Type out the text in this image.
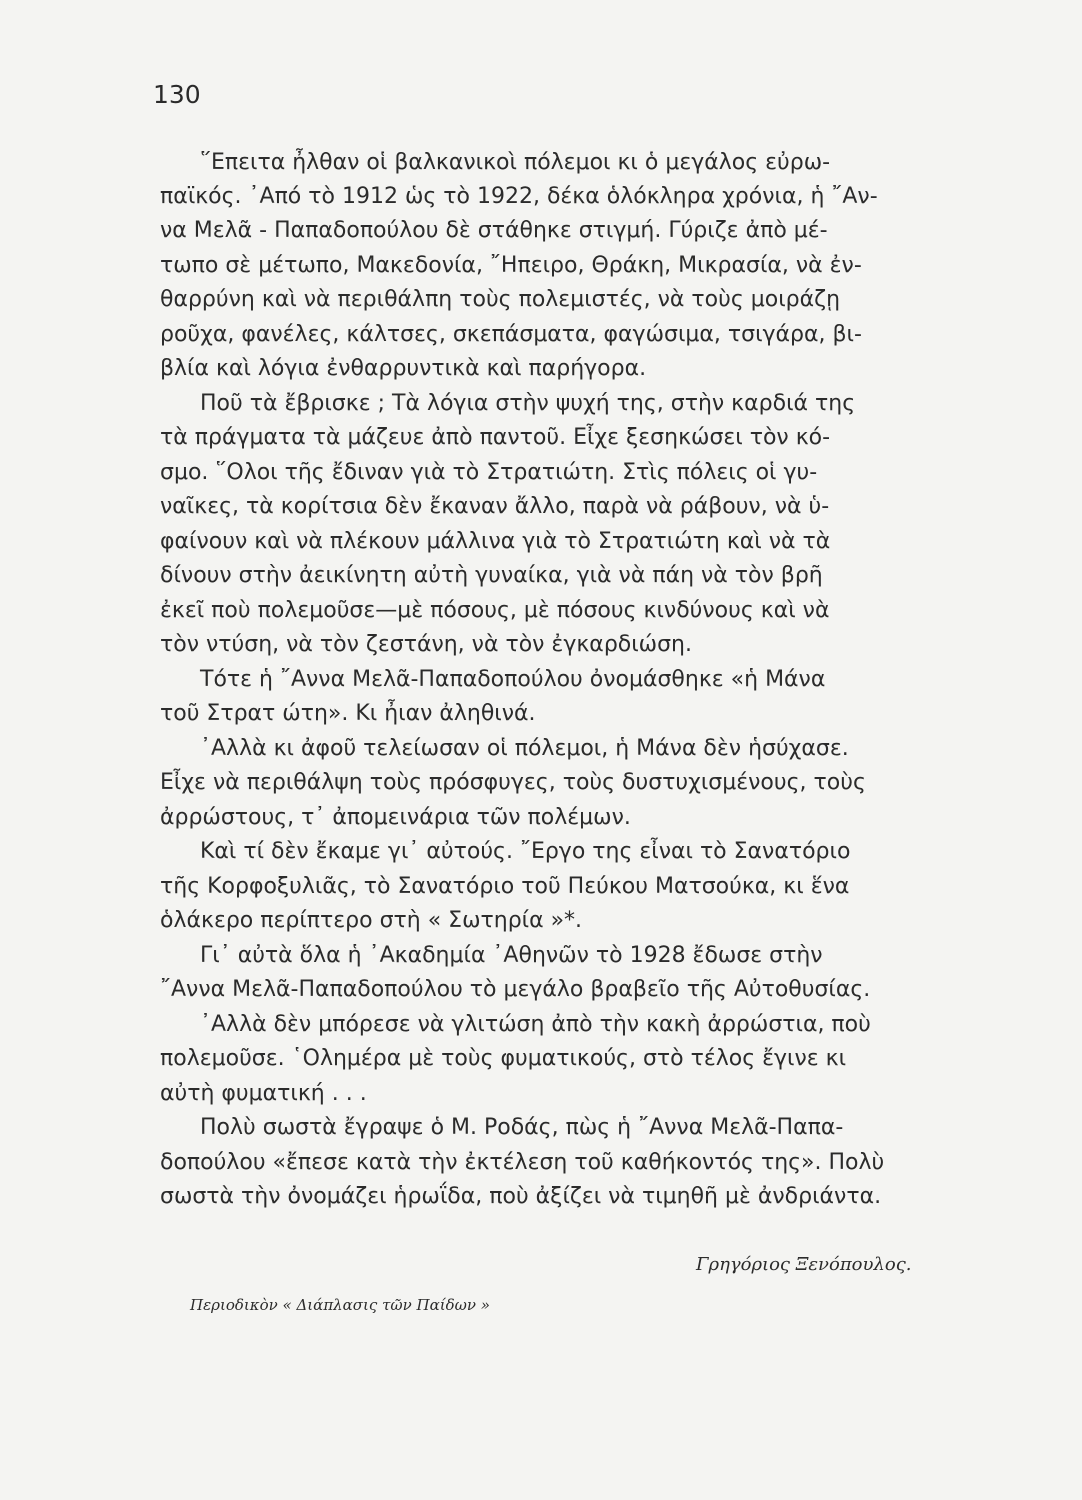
130
῞Επειτα ἦλθαν οἱ βαλκανικοὶ πόλεμοι κι ὁ μεγάλος εὐρω-
παϊκός. ᾿Από τὸ 1912 ὡς τὸ 1922, δέκα ὁλόκληρα χρόνια, ἡ ῎Αν-
να Μελᾶ - Παπαδοπούλου δὲ στάθηκε στιγμή. Γύριζε ἀπὸ μέ-
τωπο σὲ μέτωπο, Μακεδονία, ῎Ηπειρο, Θράκη, Μικρασία, νὰ ἐν-
θαρρύνη καὶ νὰ περιθάλπη τοὺς πολεμιστές, νὰ τοὺς μοιράζῃ
ροῦχα, φανέλες, κάλτσες, σκεπάσματα, φαγώσιμα, τσιγάρα, βι-
βλία καὶ λόγια ἐνθαρρυντικὰ καὶ παρήγορα.
Ποῦ τὰ ἔβρισκε ; Τὰ λόγια στὴν ψυχή της, στὴν καρδιά της
τὰ πράγματα τὰ μάζευε ἀπὸ παντοῦ. Εἶχε ξεσηκώσει τὸν κό-
σμο. ῞Ολοι τῆς ἔδιναν γιὰ τὸ Στρατιώτη. Στὶς πόλεις οἱ γυ-
ναῖκες, τὰ κορίτσια δὲν ἔκαναν ἄλλο, παρὰ νὰ ράβουν, νὰ ὑ-
φαίνουν καὶ νὰ πλέκουν μάλλινα γιὰ τὸ Στρατιώτη καὶ νὰ τὰ
δίνουν στὴν ἀεικίνητη αὐτὴ γυναίκα, γιὰ νὰ πάη νὰ τὸν βρῆ
ἐκεῖ ποὺ πολεμοῦσε—μὲ πόσους, μὲ πόσους κινδύνους καὶ νὰ
τὸν ντύση, νὰ τὸν ζεστάνη, νὰ τὸν ἐγκαρδιώση.
Τότε ἡ ῎Αννα Μελᾶ-Παπαδοπούλου ὀνομάσθηκε «ἡ Μάνα
τοῦ Στρατ ώτη». Κι ἦιαν ἀληθινά.
᾿Αλλὰ κι ἀφοῦ τελείωσαν οἱ πόλεμοι, ἡ Μάνα δὲν ἡσύχασε.
Εἶχε νὰ περιθάλψη τοὺς πρόσφυγες, τοὺς δυστυχισμένους, τοὺς
ἀρρώστους, τ᾿ ἀπομεινάρια τῶν πολέμων.
Καὶ τί δὲν ἔκαμε γι᾿ αὐτούς. ῎Εργο της εἶναι τὸ Σανατόριο
τῆς Κορφοξυλιᾶς, τὸ Σανατόριο τοῦ Πεύκου Ματσούκα, κι ἕνα
ὁλάκερο περίπτερο στὴ « Σωτηρία »*.
Γι᾿ αὐτὰ ὅλα ἡ ᾿Ακαδημία ᾿Αθηνῶν τὸ 1928 ἔδωσε στὴν
῎Αννα Μελᾶ-Παπαδοπούλου τὸ μεγάλο βραβεῖο τῆς Αὐτοθυσίας.
᾿Αλλὰ δὲν μπόρεσε νὰ γλιτώση ἀπὸ τὴν κακὴ ἀρρώστια, ποὺ
πολεμοῦσε. ῾Ολημέρα μὲ τοὺς φυματικούς, στὸ τέλος ἔγινε κι
αὐτὴ φυματική . . .
Πολὺ σωστὰ ἔγραψε ὁ Μ. Ροδάς, πὼς ἡ ῎Αννα Μελᾶ-Παπα-
δοπούλου «ἔπεσε κατὰ τὴν ἐκτέλεση τοῦ καθήκοντός της». Πολὺ
σωστὰ τὴν ὀνομάζει ἡρωΐδα, ποὺ ἀξίζει νὰ τιμηθῆ μὲ ἀνδριάντα.
Γρηγόριος Ξενόπουλος.
Περιοδικὸν « Διάπλασις τῶν Παίδων »
